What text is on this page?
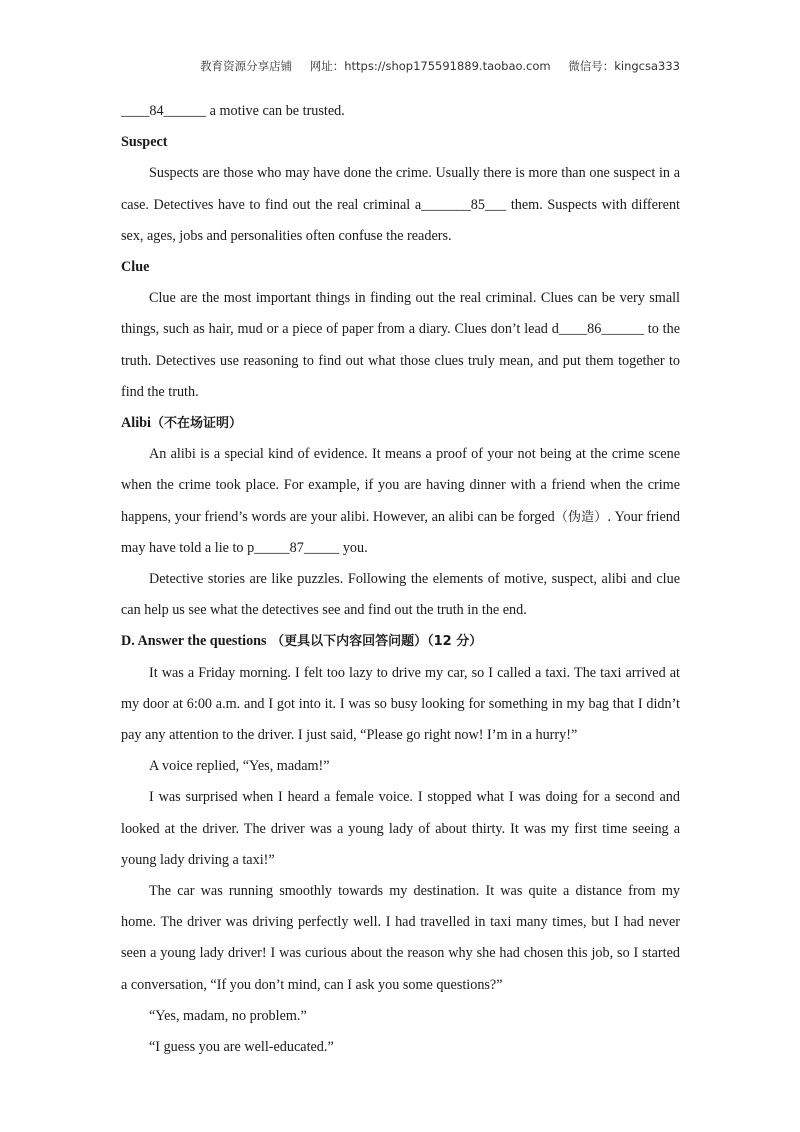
教育资源分享店铺 网址：https://shop175591889.taobao.com 微信号：kingcsa333

____84______ a motive can be trusted.

Suspect

Suspects are those who may have done the crime. Usually there is more than one suspect in a case. Detectives have to find out the real criminal a_______85___ them. Suspects with different sex, ages, jobs and personalities often confuse the readers.

Clue

Clue are the most important things in finding out the real criminal. Clues can be very small things, such as hair, mud or a piece of paper from a diary. Clues don’t lead d____86______ to the truth. Detectives use reasoning to find out what those clues truly mean, and put them together to find the truth.

Alibi（不在场证明）

An alibi is a special kind of evidence. It means a proof of your not being at the crime scene when the crime took place. For example, if you are having dinner with a friend when the crime happens, your friend’s words are your alibi. However, an alibi can be forged（伪造）. Your friend may have told a lie to p_____87_____ you.

Detective stories are like puzzles. Following the elements of motive, suspect, alibi and clue can help us see what the detectives see and find out the truth in the end.

D. Answer the questions （更具以下内容回答问题）（12 分）

It was a Friday morning. I felt too lazy to drive my car, so I called a taxi. The taxi arrived at my door at 6:00 a.m. and I got into it. I was so busy looking for something in my bag that I didn’t pay any attention to the driver. I just said, “Please go right now! I’m in a hurry!”

A voice replied, “Yes, madam!”

I was surprised when I heard a female voice. I stopped what I was doing for a second and looked at the driver. The driver was a young lady of about thirty. It was my first time seeing a young lady driving a taxi!”

The car was running smoothly towards my destination. It was quite a distance from my home. The driver was driving perfectly well. I had travelled in taxi many times, but I had never seen a young lady driver! I was curious about the reason why she had chosen this job, so I started a conversation, “If you don’t mind, can I ask you some questions?”

“Yes, madam, no problem.”

“I guess you are well-educated.”
